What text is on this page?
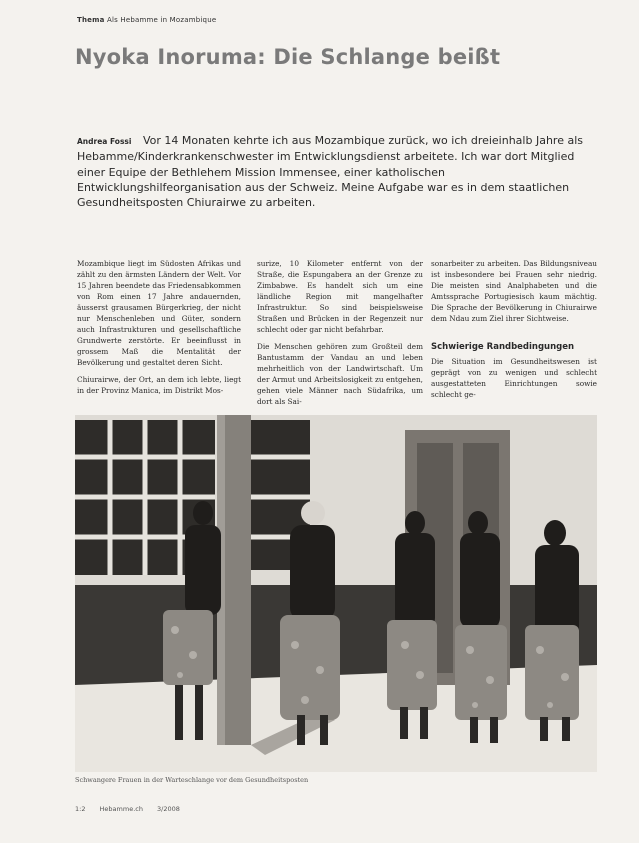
Thema Als Hebamme in Mozambique
Nyoka Inoruma: Die Schlange beißt
Andrea Fossi Vor 14 Monaten kehrte ich aus Mozambique zurück, wo ich dreieinhalb Jahre als Hebamme/Kinderkrankenschwester im Entwicklungsdienst arbeitete. Ich war dort Mitglied einer Equipe der Bethlehem Mission Immensee, einer katholischen Entwicklungshilfeorganisation aus der Schweiz. Meine Aufgabe war es in dem staatlichen Gesundheitsposten Chiurairwe zu arbeiten.

Mozambique liegt im Südosten Afrikas und zählt zu den ärmsten Ländern der Welt. Vor 15 Jahren beendete das Friedensabkommen von Rom einen 17 Jahre andauernden, äusserst grausamen Bürgerkrieg, der nicht nur Menschenleben und Güter, sondern auch Infrastrukturen und gesellschaftliche Grundwerte zerstörte. Er beeinflusst in grossem Maß die Mentalität der Bevölkerung und gestaltet deren Sicht.

Chiurairwe, der Ort, an dem ich lebte, liegt in der Provinz Manica, im Distrikt Mos-

surize, 10 Kilometer entfernt von der Straße, die Espungabera an der Grenze zu Zimbabwe. Es handelt sich um eine ländliche Region mit mangelhafter Infrastruktur. So sind beispielsweise Straßen und Brücken in der Regenzeit nur schlecht oder gar nicht befahrbar.

Die Menschen gehören zum Großteil dem Bantustamm der Vandau an und leben mehrheitlich von der Landwirtschaft. Um der Armut und Arbeitslosigkeit zu entgehen, gehen viele Männer nach Südafrika, um dort als Sai-

sonarbeiter zu arbeiten. Das Bildungsniveau ist insbesondere bei Frauen sehr niedrig. Die meisten sind Analphabeten und die Amtssprache Portugiesisch kaum mächtig. Die Sprache der Bevölkerung in Chiurairwe dem Ndau zum Ziel ihrer Sichtweise.

Schwierige Randbedingungen

Die Situation im Gesundheitswesen ist geprägt von zu wenigen und schlecht ausgestatteten Einrichtungen sowie schlecht ge-

Schwangere Frauen in der Warteschlange vor dem Gesundheitsposten
1:2 Hebamme.ch 3/2008
